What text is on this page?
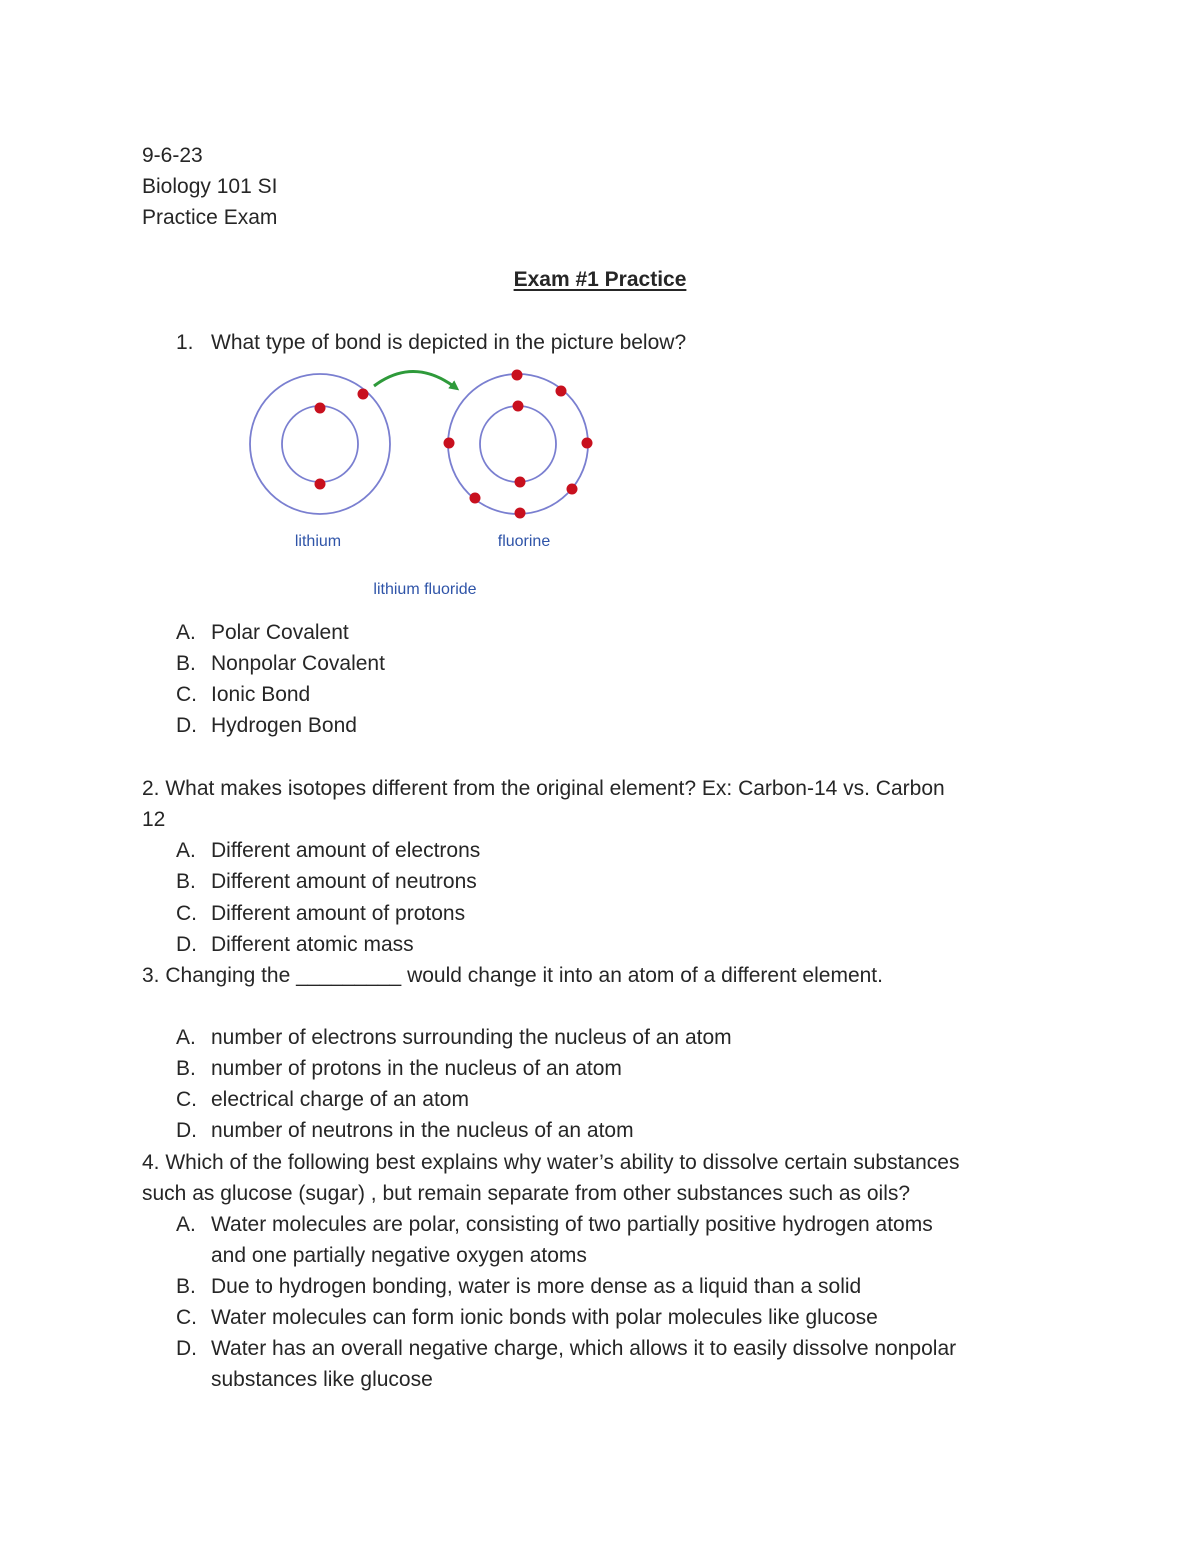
9-6-23
Biology 101 SI
Practice Exam
Exam #1 Practice
1. What type of bond is depicted in the picture below?
lithium	fluorine
lithium fluoride
A. Polar Covalent
B. Nonpolar Covalent
C. Ionic Bond
D. Hydrogen Bond
2. What makes isotopes different from the original element? Ex: Carbon-14 vs. Carbon
12
A. Different amount of electrons
B. Different amount of neutrons
C. Different amount of protons
D. Different atomic mass
3. Changing the _________ would change it into an atom of a different element.
A. number of electrons surrounding the nucleus of an atom
B. number of protons in the nucleus of an atom
C. electrical charge of an atom
D. number of neutrons in the nucleus of an atom
4. Which of the following best explains why water’s ability to dissolve certain substances
such as glucose (sugar) , but remain separate from other substances such as oils?
A. Water molecules are polar, consisting of two partially positive hydrogen atoms
and one partially negative oxygen atoms
B. Due to hydrogen bonding, water is more dense as a liquid than a solid
C. Water molecules can form ionic bonds with polar molecules like glucose
D. Water has an overall negative charge, which allows it to easily dissolve nonpolar
substances like glucose
